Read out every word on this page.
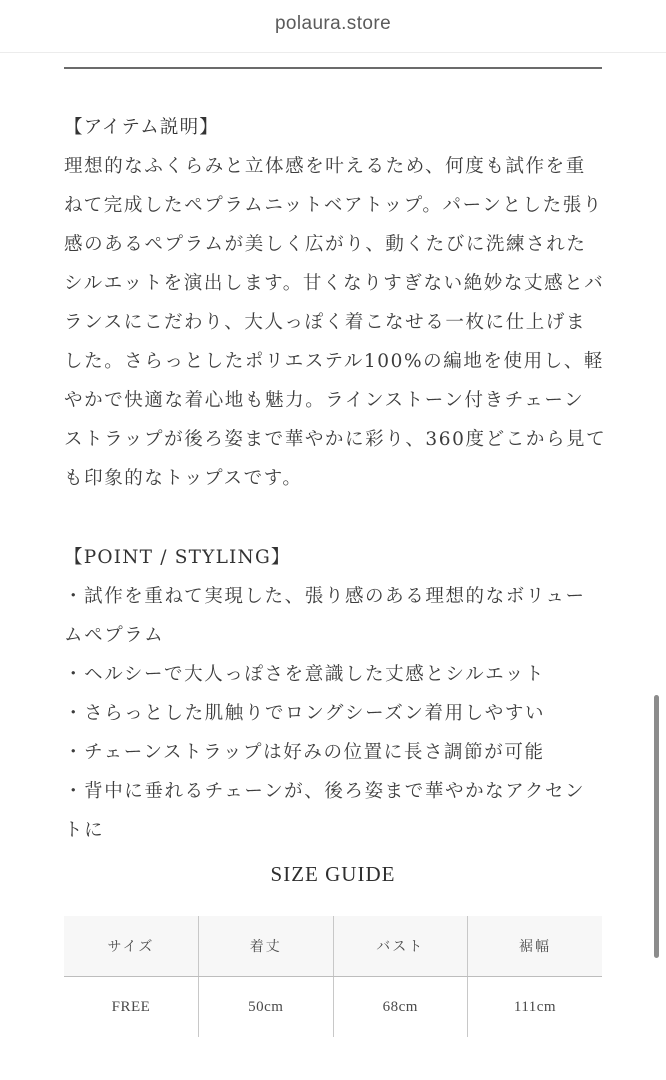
polaura.store
【アイテム説明】
理想的なふくらみと立体感を叶えるため、何度も試作を重
ねて完成したペプラムニットベアトップ。パーンとした張り
感のあるペプラムが美しく広がり、動くたびに洗練された
シルエットを演出します。甘くなりすぎない絶妙な丈感とバ
ランスにこだわり、大人っぽく着こなせる一枚に仕上げま
した。さらっとしたポリエステル100%の編地を使用し、軽
やかで快適な着心地も魅力。ラインストーン付きチェーン
ストラップが後ろ姿まで華やかに彩り、360度どこから見て
も印象的なトップスです。
【POINT / STYLING】
・試作を重ねて実現した、張り感のある理想的なボリュー
ムペプラム
・ヘルシーで大人っぽさを意識した丈感とシルエット
・さらっとした肌触りでロングシーズン着用しやすい
・チェーンストラップは好みの位置に長さ調節が可能
・背中に垂れるチェーンが、後ろ姿まで華やかなアクセン
トに
SIZE GUIDE
サイズ	着丈	バスト	裾幅
FREE	50cm	68cm	111cm
